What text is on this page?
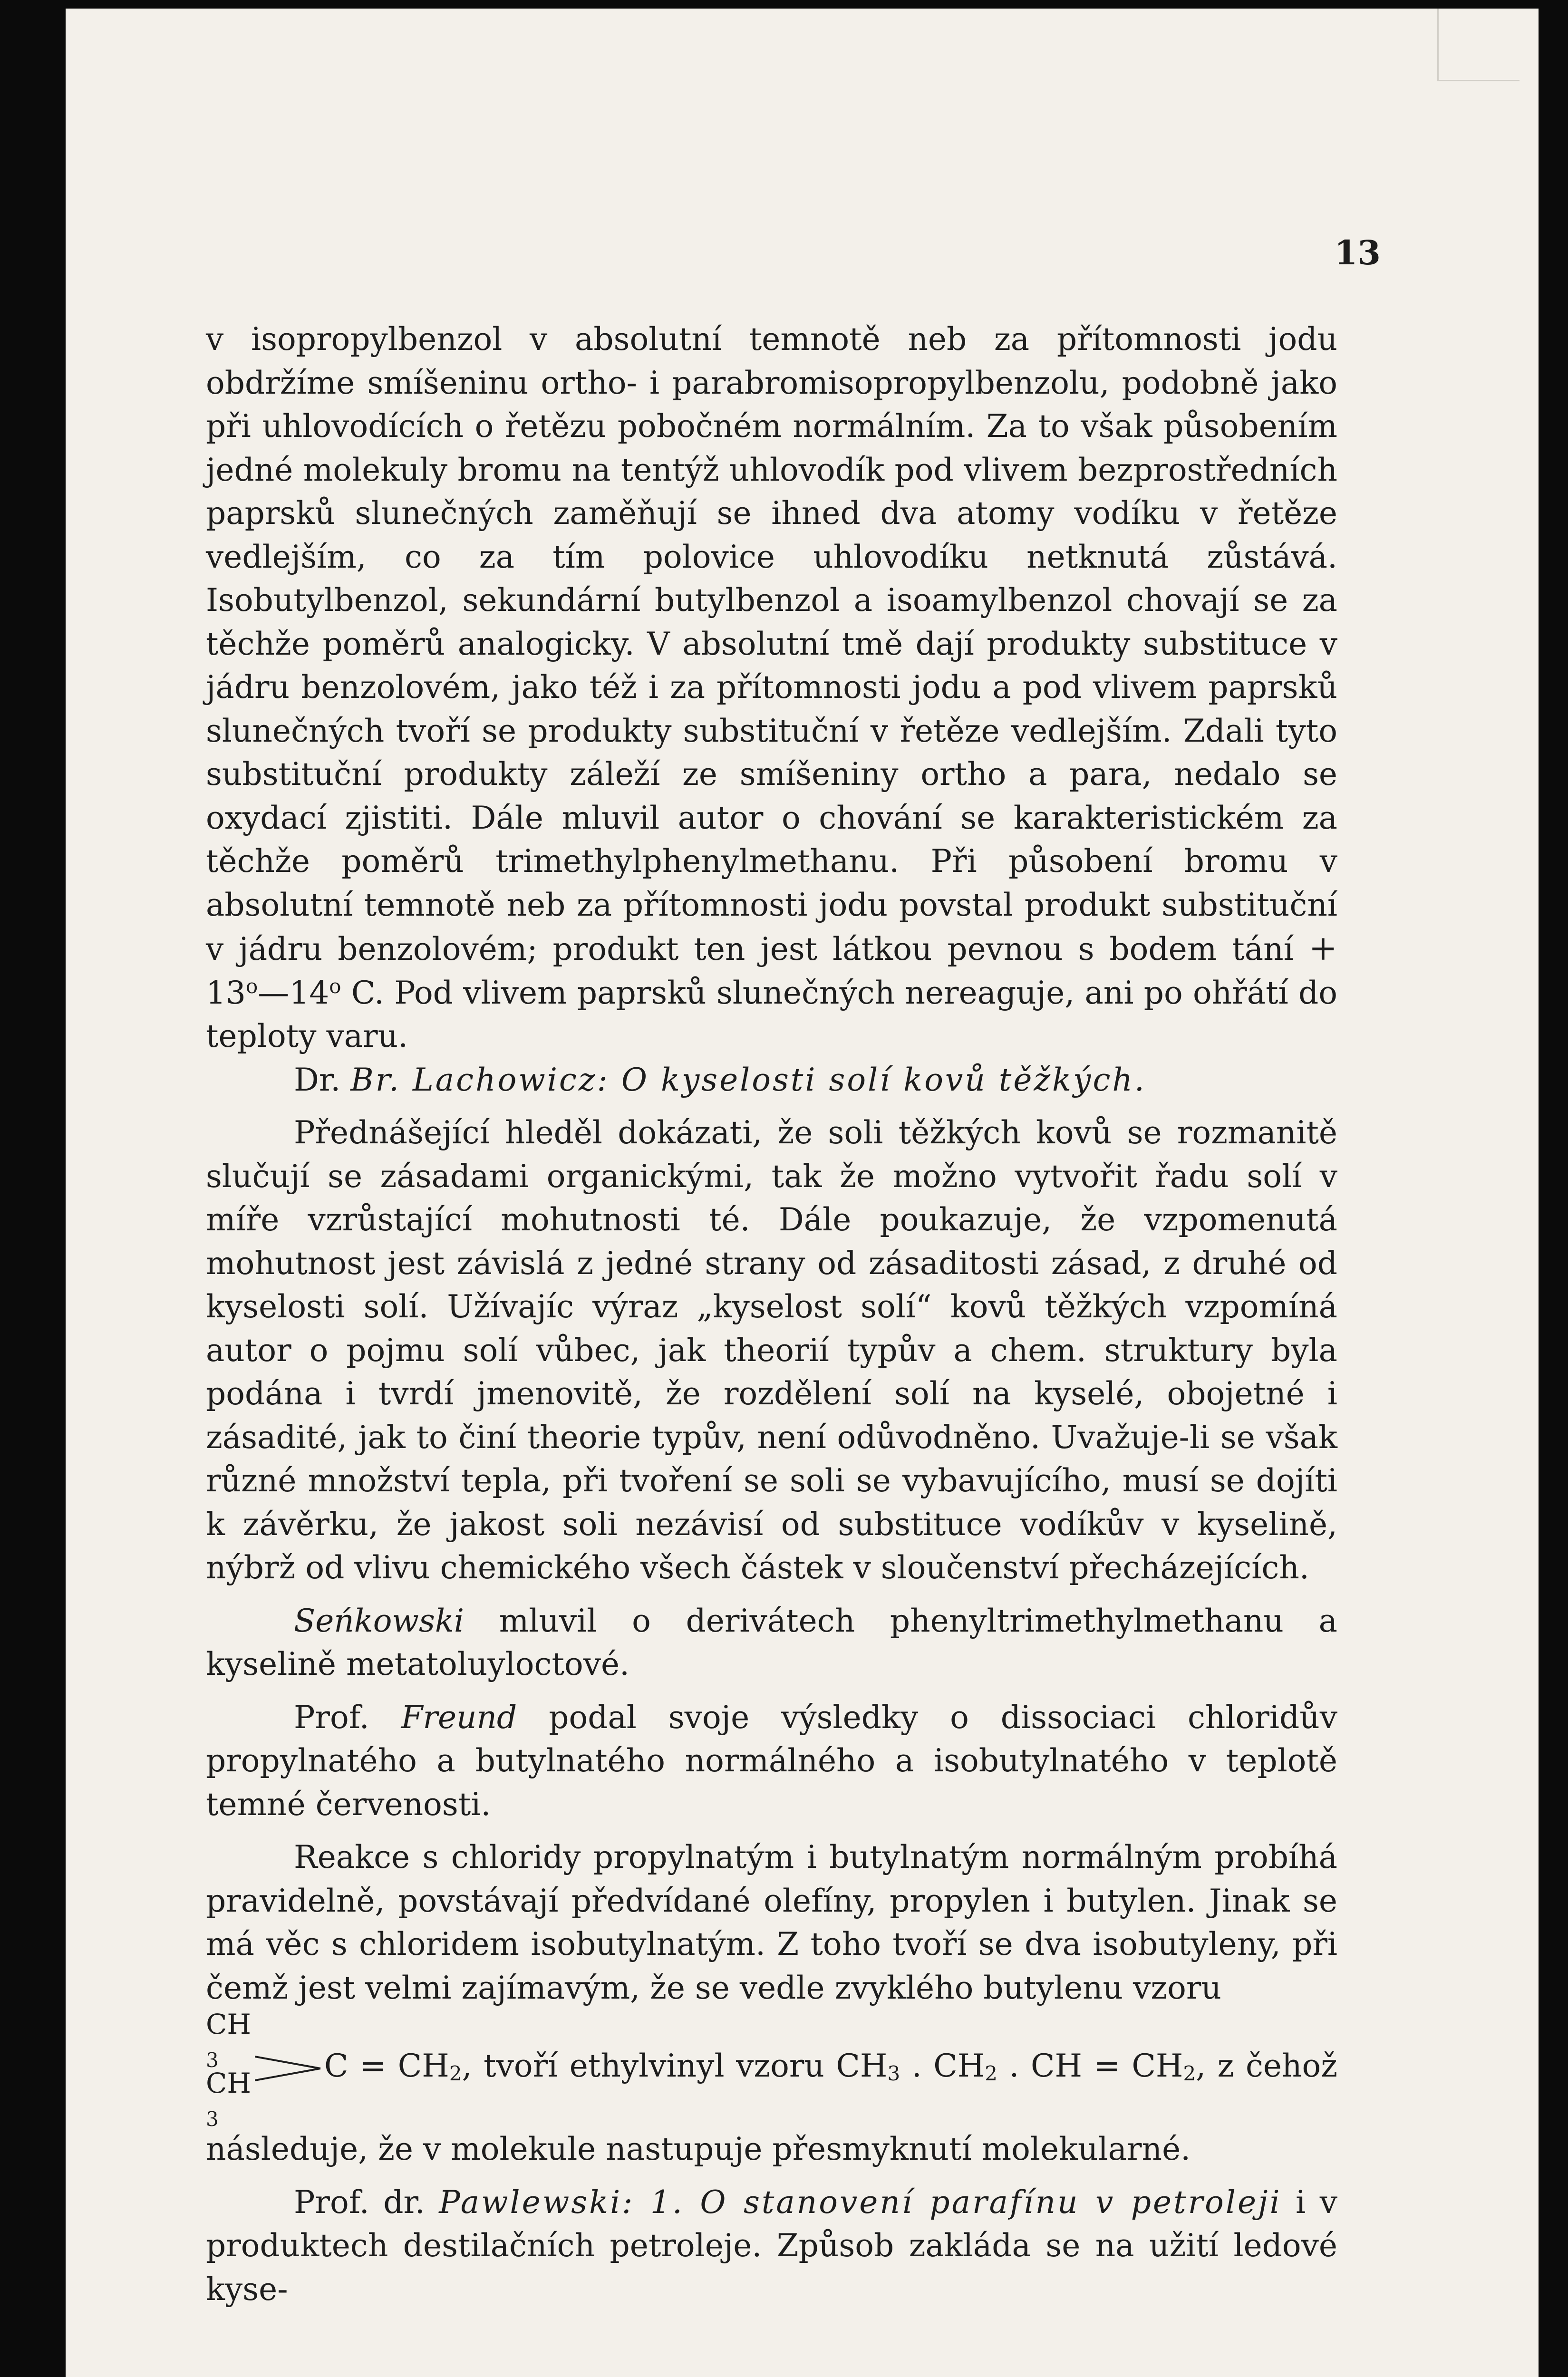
13

v isopropylbenzol v absolutní temnotě neb za přítomnosti jodu obdržíme smíšeninu ortho- i parabromisopropylbenzolu, podobně jako při uhlovodících o řetězu pobočném normálním. Za to však působením jedné molekuly bromu na tentýž uhlovodík pod vlivem bezprostředních paprsků slunečných zaměňují se ihned dva atomy vodíku v řetěze vedlejším, co za tím polovice uhlovodíku netknutá zůstává. Isobutylbenzol, sekundární butylbenzol a isoamylbenzol chovají se za těchže poměrů analogicky. V absolutní tmě dají produkty substituce v jádru benzolovém, jako též i za přítomnosti jodu a pod vlivem paprsků slunečných tvoří se produkty substituční v řetěze vedlejším. Zdali tyto substituční produkty záleží ze smíšeniny ortho a para, nedalo se oxydací zjistiti. Dále mluvil autor o chování se karakteristickém za těchže poměrů trimethylphenylmethanu. Při působení bromu v absolutní temnotě neb za přítomnosti jodu povstal produkt substituční v jádru benzolovém; produkt ten jest látkou pevnou s bodem tání + $13^o—14^o$ C. Pod vlivem paprsků slunečných nereaguje, ani po ohřátí do teploty varu.

Dr. Br. Lachowicz: O kyselosti solí kovů těžkých.

Přednášející hleděl dokázati, že soli těžkých kovů se rozmanitě slučují se zásadami organickými, tak že možno vytvořit řadu solí v míře vzrůstající mohutnosti té. Dále poukazuje, že vzpomenutá mohutnost jest závislá z jedné strany od zásaditosti zásad, z druhé od kyselosti solí. Užívajíc výraz „kyselost solí“ kovů těžkých vzpomíná autor o pojmu solí vůbec, jak theorií typův a chem. struktury byla podána i tvrdí jmenovitě, že rozdělení solí na kyselé, obojetné i zásadité, jak to činí theorie typův, není odůvodněno. Uvažuje-li se však různé množství tepla, při tvoření se soli se vybavujícího, musí se dojíti k závěrku, že jakost soli nezávisí od substituce vodíkův v kyselině, nýbrž od vlivu chemického všech částek v sloučenství přecházejících.

Seńkowski mluvil o derivátech phenyltrimethylmethanu a kyselině metatoluyloctové.

Prof. Freund podal svoje výsledky o dissociaci chloridův propylnatého a butylnatého normálného a isobutylnatého v teplotě temné červenosti.

Reakce s chloridy propylnatým i butylnatým normálným probíhá pravidelně, povstávají předvídané olefíny, propylen i butylen. Jinak se má věc s chloridem isobutylnatým. Z toho tvoří se dva isobutyleny, při čemž jest velmi zajímavým, že se vedle zvyklého butylenu vzoru

CH
$_3$
CH
$_3$
$C = CH_2$, tvoří ethylvinyl vzoru $CH_3$ . $CH_2$ . CH = $CH_2$, z čehož následuje, že v molekule nastupuje přesmyknutí molekularné.

Prof. dr. Pawlewski: 1. O stanovení parafínu v petroleji i v produktech destilačních petroleje. Způsob zakláda se na užití ledové kyse-
